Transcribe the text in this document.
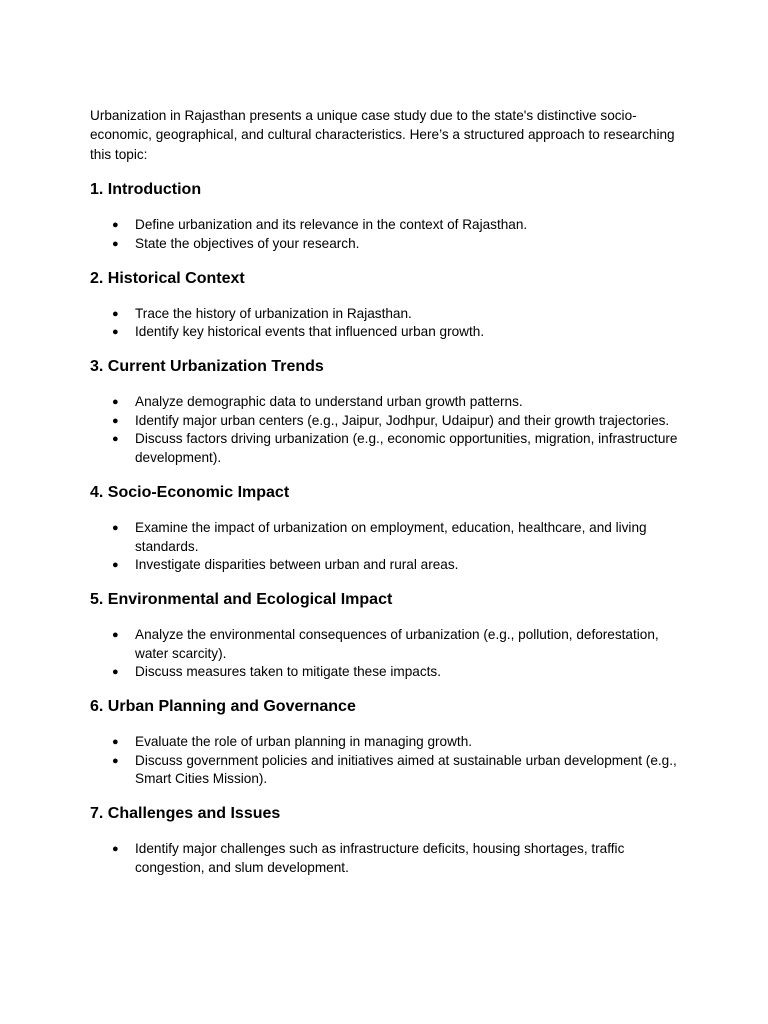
Urbanization in Rajasthan presents a unique case study due to the state's distinctive socio-economic, geographical, and cultural characteristics. Here’s a structured approach to researching this topic:

1. Introduction
● Define urbanization and its relevance in the context of Rajasthan.
● State the objectives of your research.
2. Historical Context
● Trace the history of urbanization in Rajasthan.
● Identify key historical events that influenced urban growth.
3. Current Urbanization Trends
● Analyze demographic data to understand urban growth patterns.
● Identify major urban centers (e.g., Jaipur, Jodhpur, Udaipur) and their growth trajectories.
● Discuss factors driving urbanization (e.g., economic opportunities, migration, infrastructure development).
4. Socio-Economic Impact
● Examine the impact of urbanization on employment, education, healthcare, and living standards.
● Investigate disparities between urban and rural areas.
5. Environmental and Ecological Impact
● Analyze the environmental consequences of urbanization (e.g., pollution, deforestation, water scarcity).
● Discuss measures taken to mitigate these impacts.
6. Urban Planning and Governance
● Evaluate the role of urban planning in managing growth.
● Discuss government policies and initiatives aimed at sustainable urban development (e.g., Smart Cities Mission).
7. Challenges and Issues
● Identify major challenges such as infrastructure deficits, housing shortages, traffic congestion, and slum development.
